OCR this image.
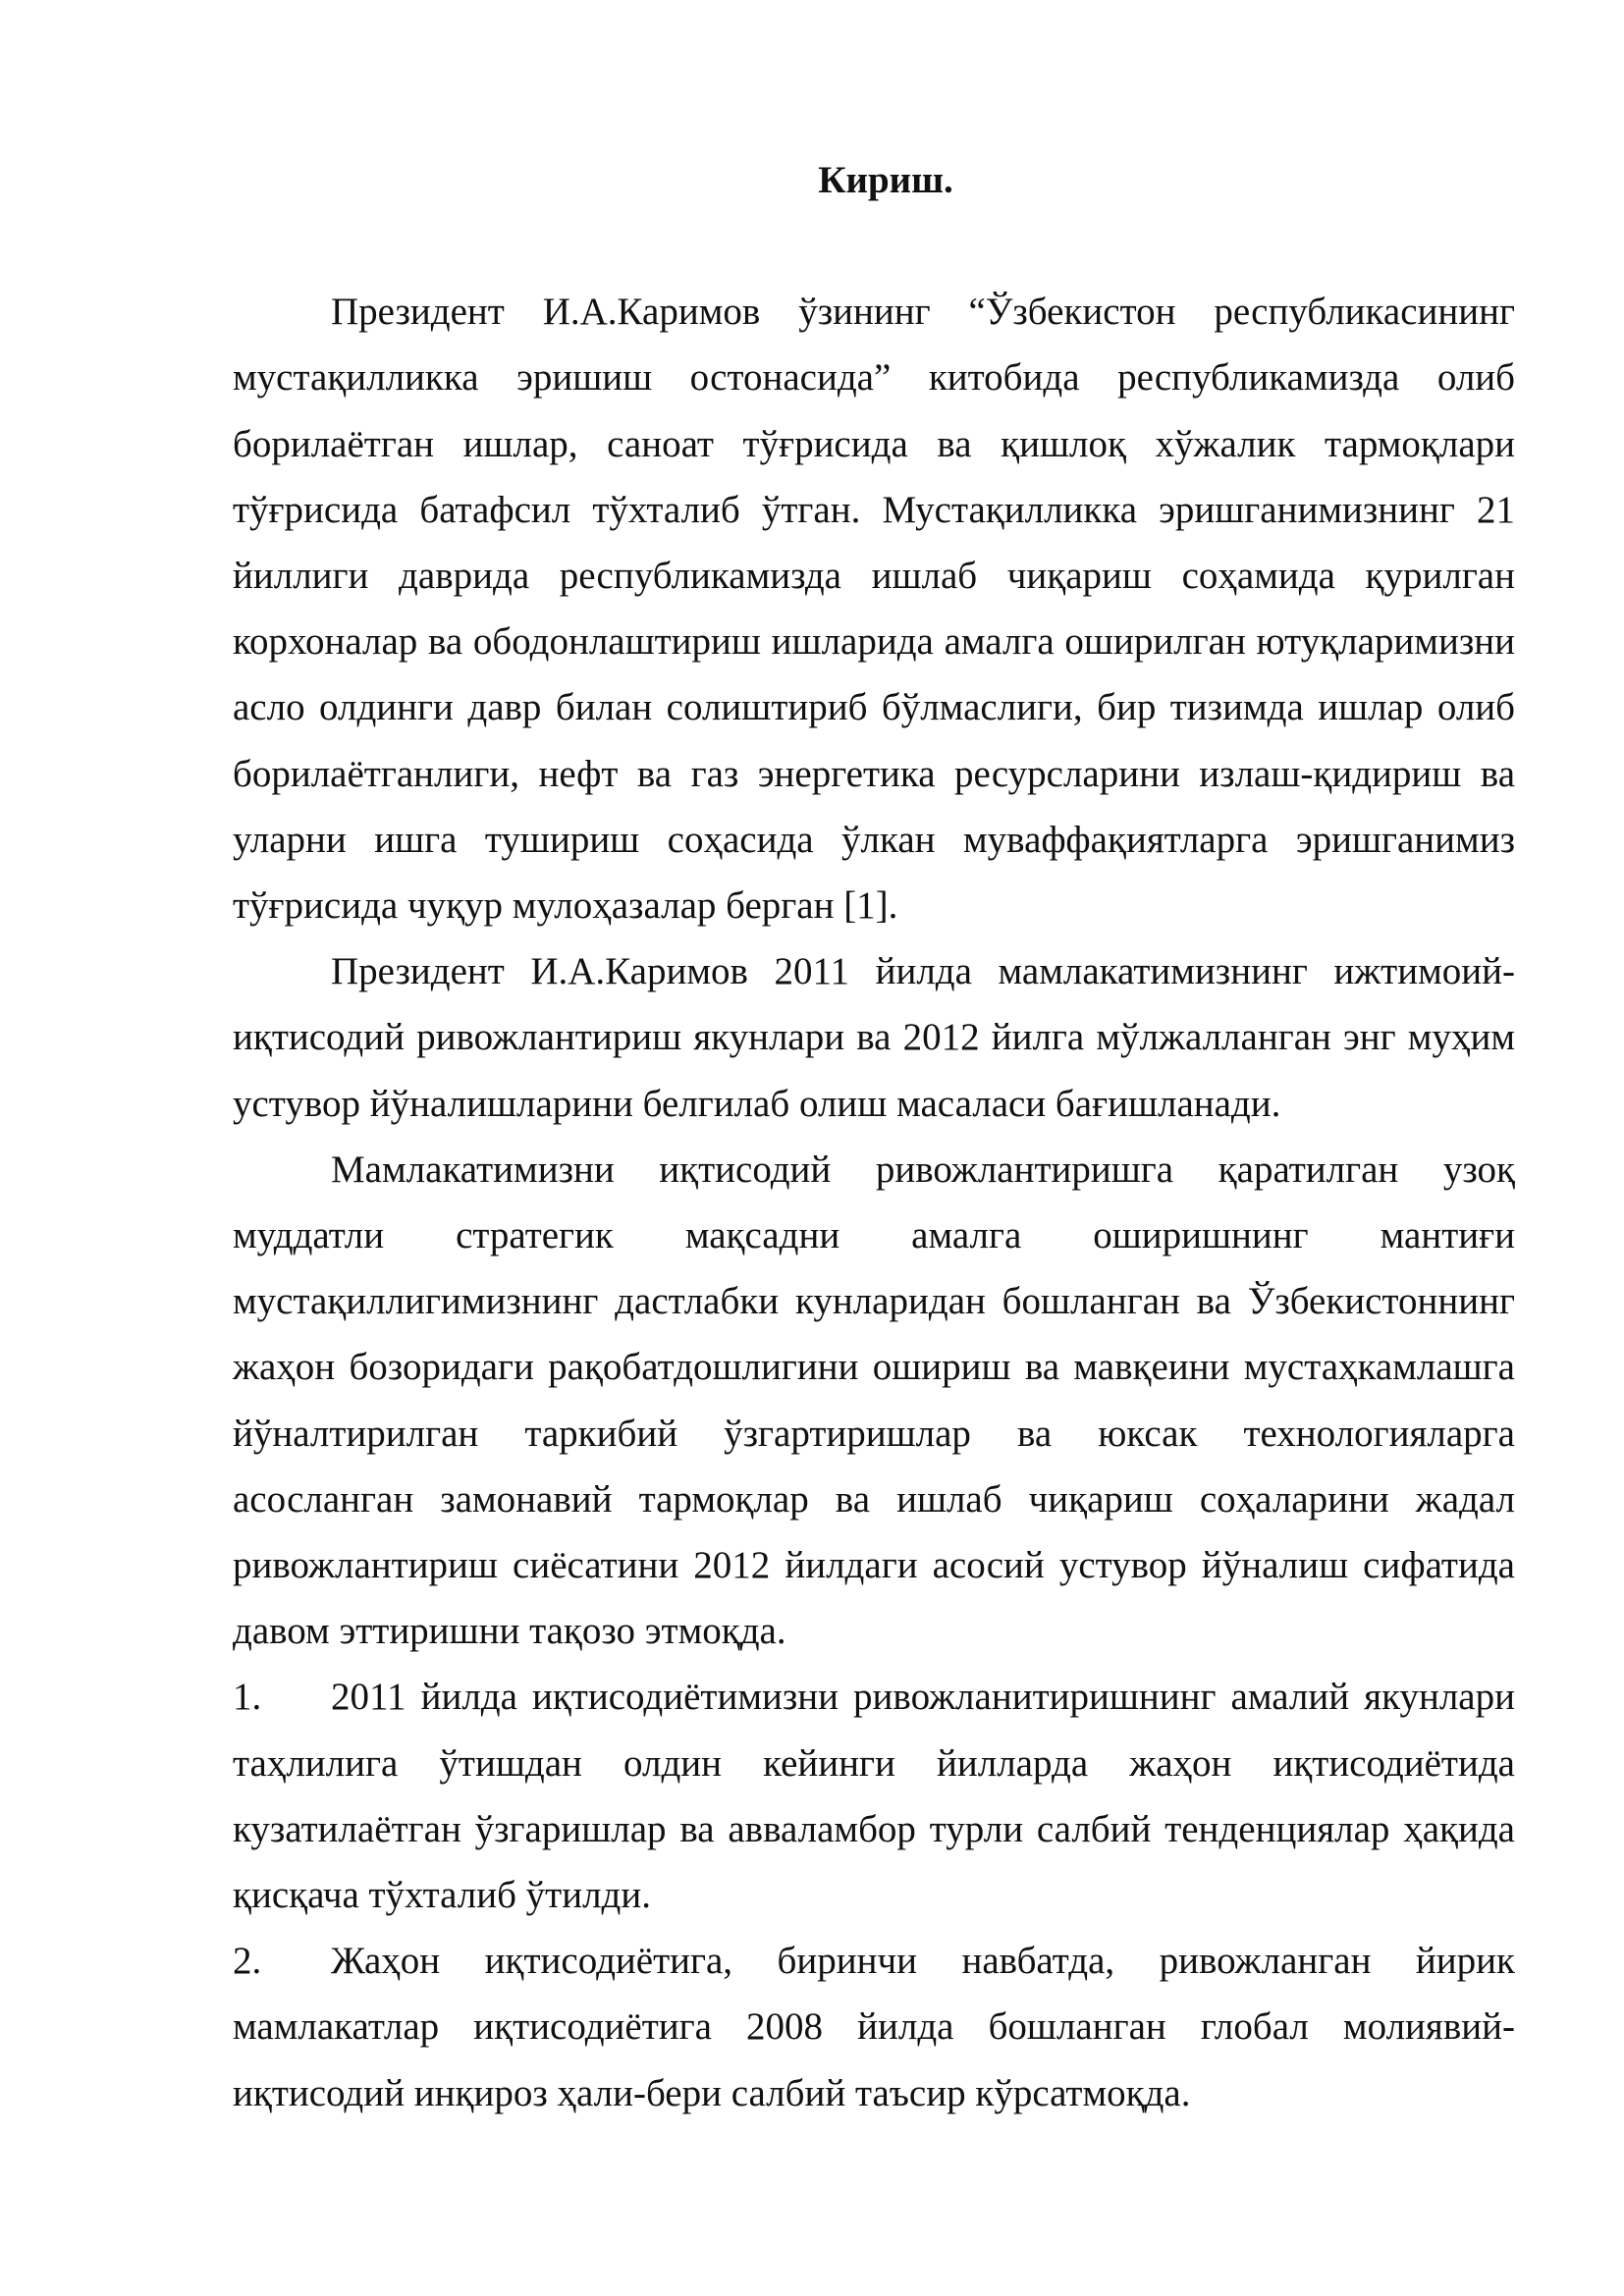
Кириш.

Президент И.А.Каримов ўзининг “Ўзбекистон республикасининг мустақилликка эришиш остонасида” китобида республикамизда олиб борилаётган ишлар, саноат тўғрисида ва қишлоқ хўжалик тармоқлари тўғрисида батафсил тўхталиб ўтган. Мустақилликка эришганимизнинг 21 йиллиги даврида республикамизда ишлаб чиқариш соҳамида қурилган корхоналар ва ободонлаштириш ишларида амалга оширилган ютуқларимизни асло олдинги давр билан солиштириб бўлмаслиги, бир тизимда ишлар олиб борилаётганлиги, нефт ва газ энергетика ресурсларини излаш-қидириш ва уларни ишга тушириш соҳасида ўлкан муваффақиятларга эришганимиз тўғрисида чуқур мулоҳазалар берган [1].

Президент И.А.Каримов 2011 йилда мамлакатимизнинг ижтимоий-иқтисодий ривожлантириш якунлари ва 2012 йилга мўлжалланган энг муҳим устувор йўналишларини белгилаб олиш масаласи бағишланади.

Мамлакатимизни иқтисодий ривожлантиришга қаратилган узоқ муддатли стратегик мақсадни амалга оширишнинг мантиғи мустақиллигимизнинг дастлабки кунларидан бошланган ва Ўзбекистоннинг жаҳон бозоридаги рақобатдошлигини ошириш ва мавқеини мустаҳкамлашга йўналтирилган таркибий ўзгартиришлар ва юксак технологияларга асосланган замонавий тармоқлар ва ишлаб чиқариш соҳаларини жадал ривожлантириш сиёсатини 2012 йилдаги асосий устувор йўналиш сифатида давом эттиришни тақозо этмоқда.

1. 2011 йилда иқтисодиётимизни ривожланитиришнинг амалий якунлари таҳлилига ўтишдан олдин кейинги йилларда жаҳон иқтисодиётида кузатилаётган ўзгаришлар ва авваламбор турли салбий тенденциялар ҳақида қисқача тўхталиб ўтилди.

2. Жаҳон иқтисодиётига, биринчи навбатда, ривожланган йирик мамлакатлар иқтисодиётига 2008 йилда бошланган глобал молиявий-иқтисодий инқироз ҳали-бери салбий таъсир кўрсатмоқда.
